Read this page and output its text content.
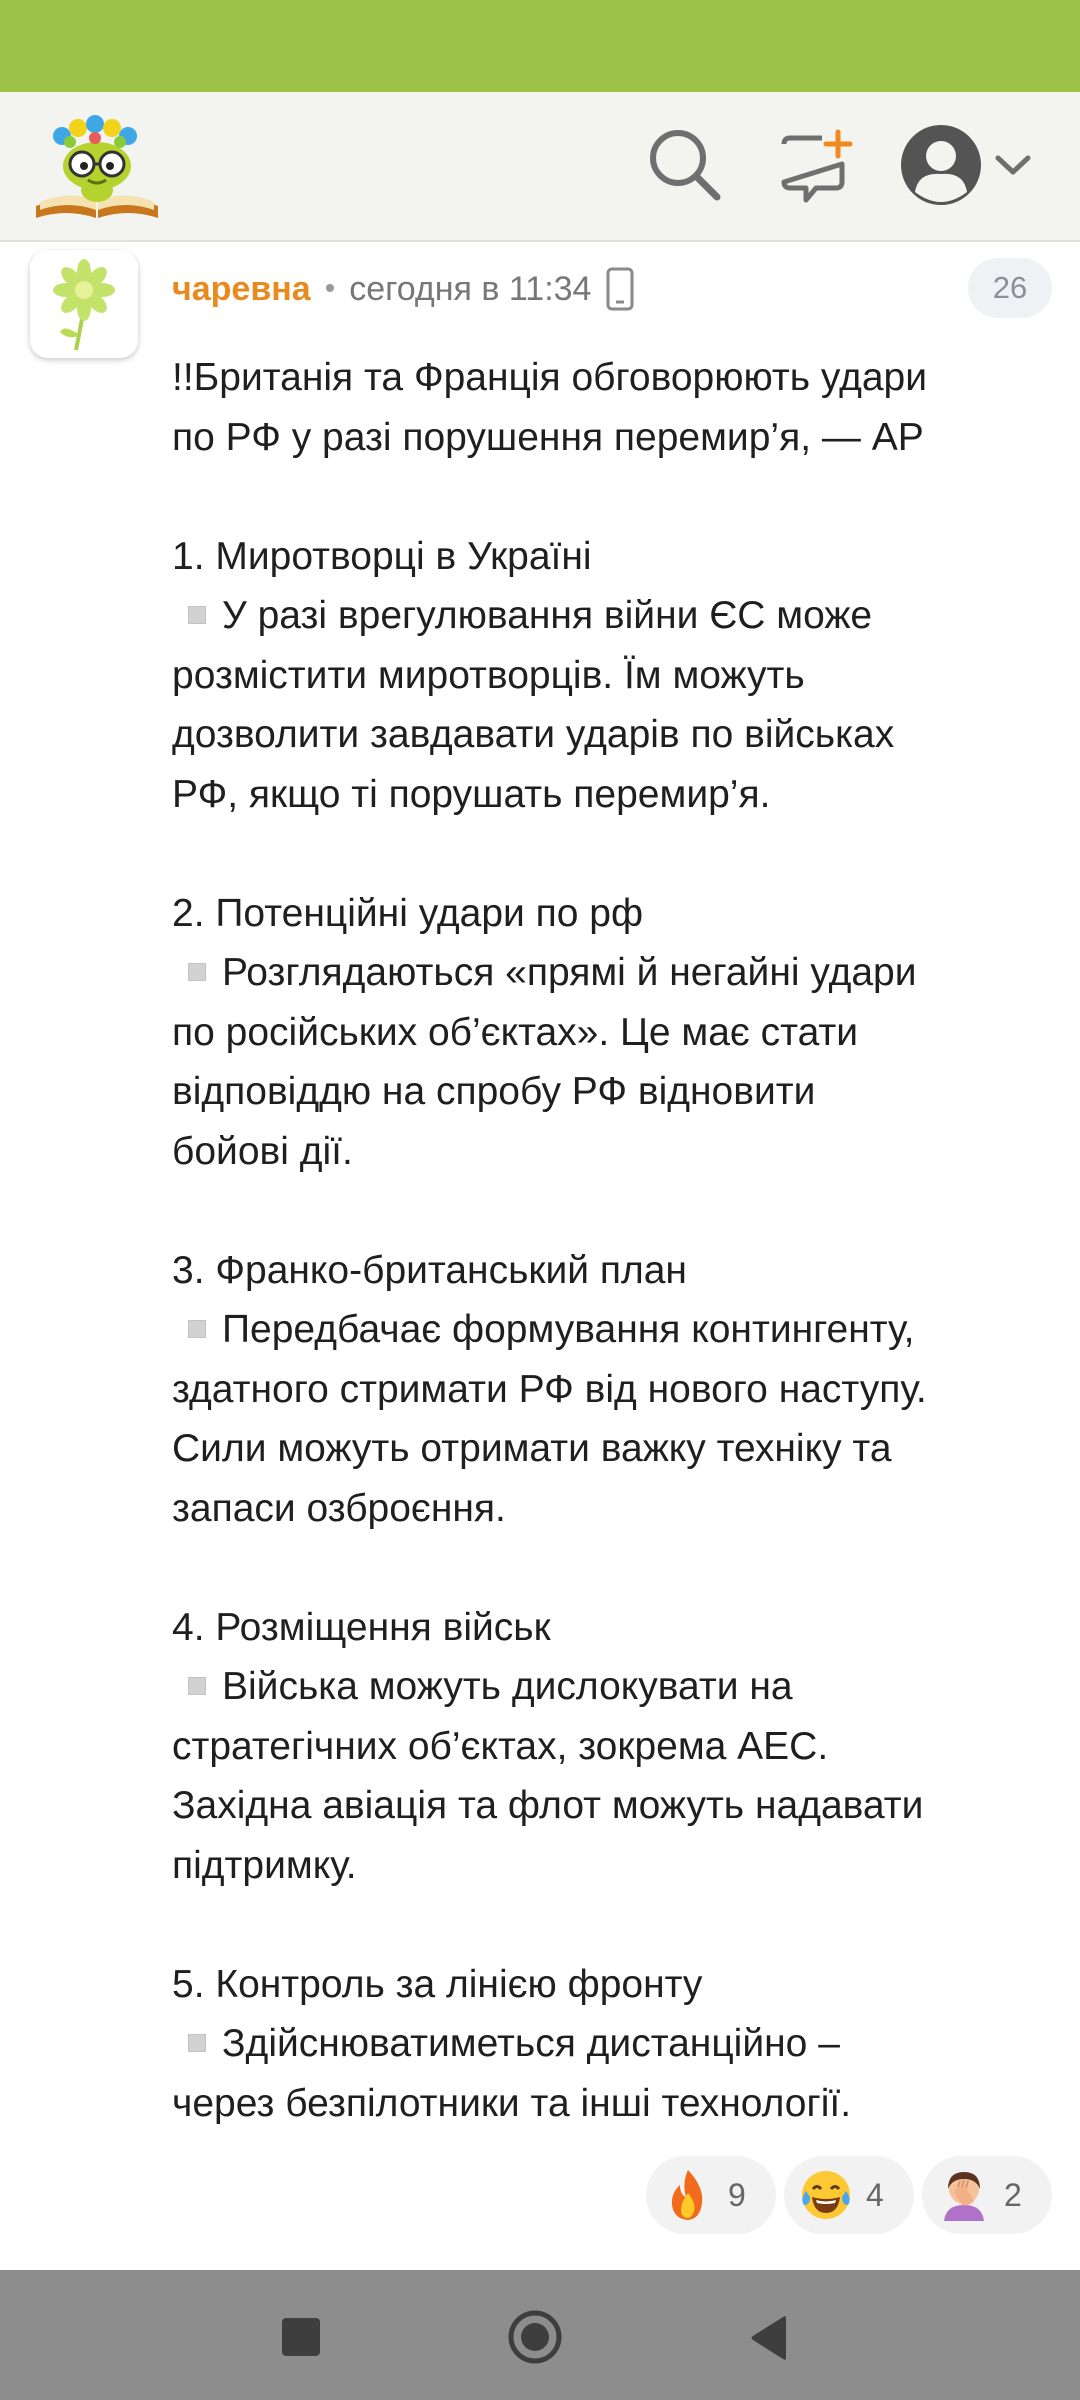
чаревна • сегодня в 11:34	26
!!Британія та Франція обговорюють удари
по РФ у разі порушення перемир’я, — AP
1. Миротворці в Україні
У разі врегулювання війни ЄС може
розмістити миротворців. Їм можуть
дозволити завдавати ударів по військах
РФ, якщо ті порушать перемир’я.
2. Потенційні удари по рф
Розглядаються «прямі й негайні удари
по російських об’єктах». Це має стати
відповіддю на спробу РФ відновити
бойові дії.
3. Франко-британський план
Передбачає формування контингенту,
здатного стримати РФ від нового наступу.
Сили можуть отримати важку техніку та
запаси озброєння.
4. Розміщення військ
Війська можуть дислокувати на
стратегічних об’єктах, зокрема АЕС.
Західна авіація та флот можуть надавати
підтримку.
5. Контроль за лінією фронту
Здійснюватиметься дистанційно –
через безпілотники та інші технології.
9	4	2
